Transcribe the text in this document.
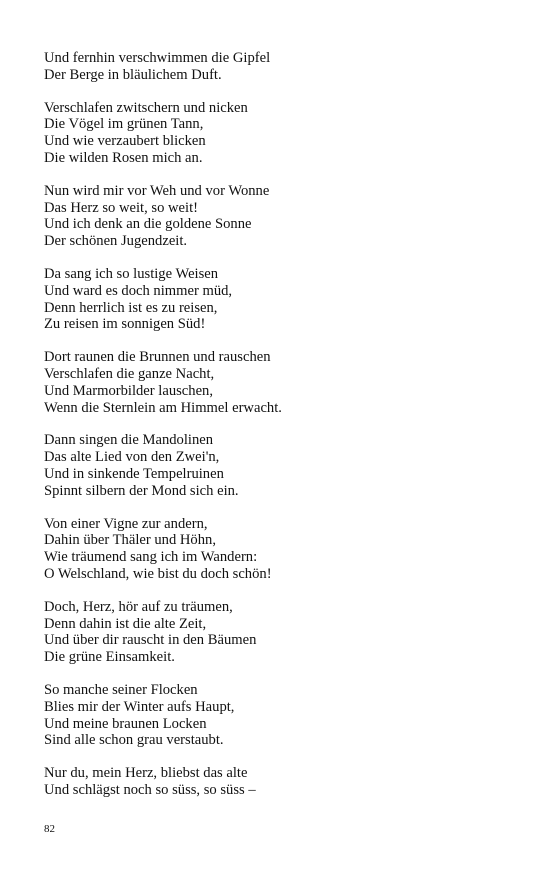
Und fernhin verschwimmen die Gipfel
Der Berge in bläulichem Duft.
Verschlafen zwitschern und nicken
Die Vögel im grünen Tann,
Und wie verzaubert blicken
Die wilden Rosen mich an.
Nun wird mir vor Weh und vor Wonne
Das Herz so weit, so weit!
Und ich denk an die goldene Sonne
Der schönen Jugendzeit.
Da sang ich so lustige Weisen
Und ward es doch nimmer müd,
Denn herrlich ist es zu reisen,
Zu reisen im sonnigen Süd!
Dort raunen die Brunnen und rauschen
Verschlafen die ganze Nacht,
Und Marmorbilder lauschen,
Wenn die Sternlein am Himmel erwacht.
Dann singen die Mandolinen
Das alte Lied von den Zwei'n,
Und in sinkende Tempelruinen
Spinnt silbern der Mond sich ein.
Von einer Vigne zur andern,
Dahin über Thäler und Höhn,
Wie träumend sang ich im Wandern:
O Welschland, wie bist du doch schön!
Doch, Herz, hör auf zu träumen,
Denn dahin ist die alte Zeit,
Und über dir rauscht in den Bäumen
Die grüne Einsamkeit.
So manche seiner Flocken
Blies mir der Winter aufs Haupt,
Und meine braunen Locken
Sind alle schon grau verstaubt.
Nur du, mein Herz, bliebst das alte
Und schlägst noch so süss, so süss –
82
